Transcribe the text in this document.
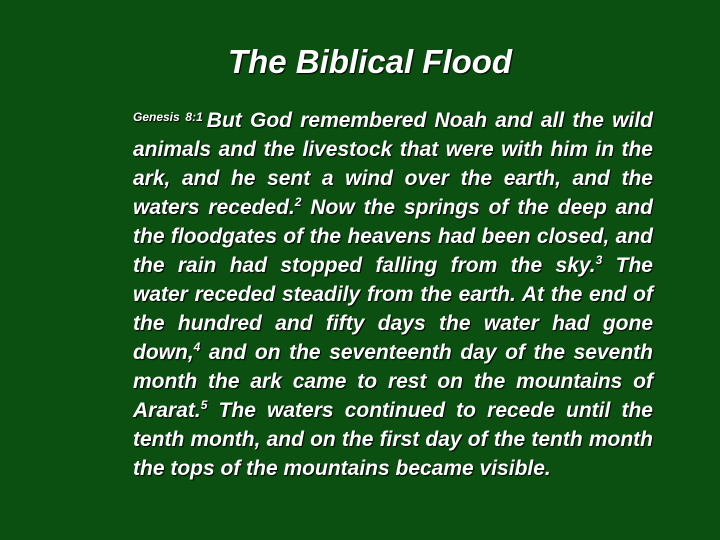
The Biblical Flood
$^{Genesis 8:1}$ But God remembered Noah and all the wild animals and the livestock that were with him in the ark, and he sent a wind over the earth, and the waters receded.$^2$ Now the springs of the deep and the floodgates of the heavens had been closed, and the rain had stopped falling from the sky.$^3$ The water receded steadily from the earth. At the end of the hundred and fifty days the water had gone down,$^4$ and on the seventeenth day of the seventh month the ark came to rest on the mountains of Ararat.$^5$ The waters continued to recede until the tenth month, and on the first day of the tenth month the tops of the mountains became visible.
